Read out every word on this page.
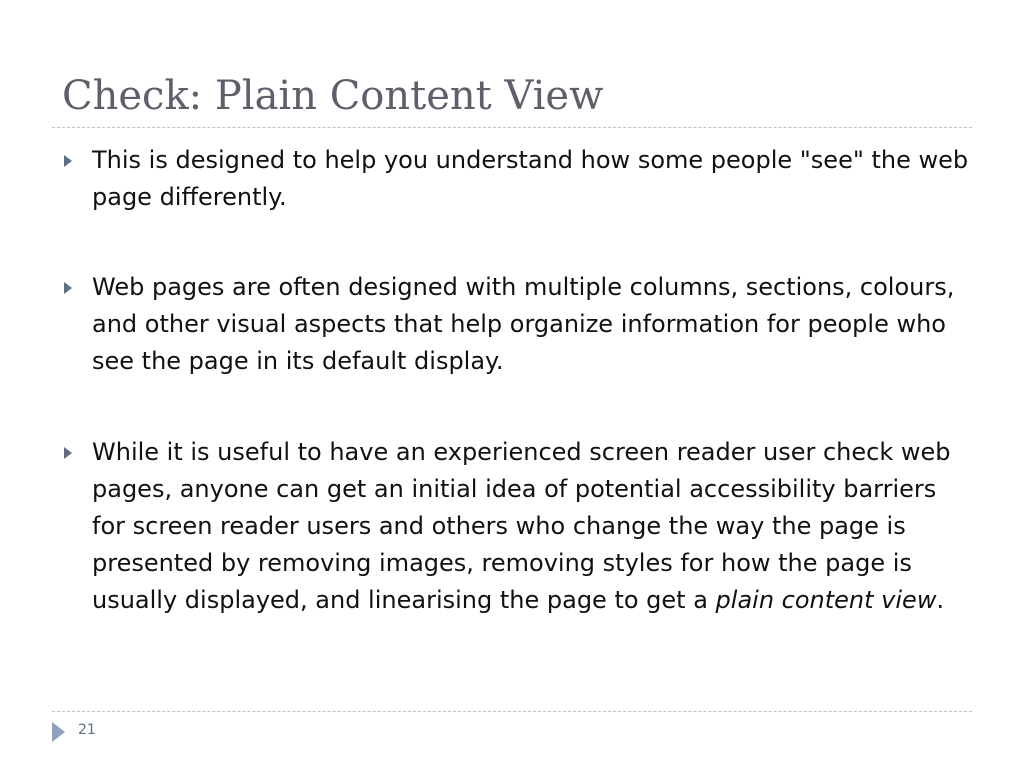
Check: Plain Content View
This is designed to help you understand how some people "see" the web page differently.
Web pages are often designed with multiple columns, sections, colours, and other visual aspects that help organize information for people who see the page in its default display.
While it is useful to have an experienced screen reader user check web pages, anyone can get an initial idea of potential accessibility barriers for screen reader users and others who change the way the page is presented by removing images, removing styles for how the page is usually displayed, and linearising the page to get a plain content view.
21
